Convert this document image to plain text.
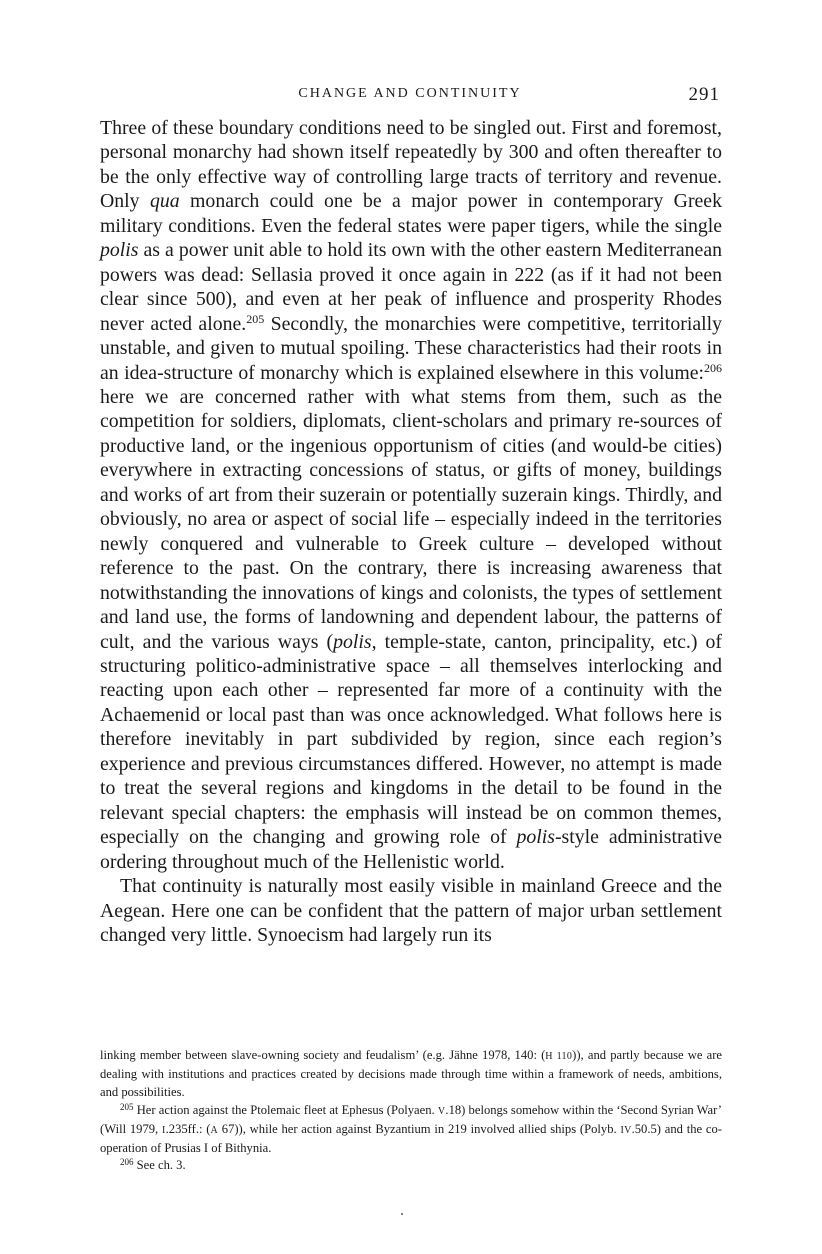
CHANGE AND CONTINUITY	291

Three of these boundary conditions need to be singled out. First and foremost, personal monarchy had shown itself repeatedly by 300 and often thereafter to be the only effective way of controlling large tracts of territory and revenue. Only qua monarch could one be a major power in contemporary Greek military conditions. Even the federal states were paper tigers, while the single polis as a power unit able to hold its own with the other eastern Mediterranean powers was dead: Sellasia proved it once again in 222 (as if it had not been clear since 500), and even at her peak of influence and prosperity Rhodes never acted alone.$^{205}$ Secondly, the monarchies were competitive, territorially unstable, and given to mutual spoiling. These characteristics had their roots in an idea-structure of monarchy which is explained elsewhere in this volume:$^{206}$ here we are concerned rather with what stems from them, such as the competition for soldiers, diplomats, client-scholars and primary re-sources of productive land, or the ingenious opportunism of cities (and would-be cities) everywhere in extracting concessions of status, or gifts of money, buildings and works of art from their suzerain or potentially suzerain kings. Thirdly, and obviously, no area or aspect of social life – especially indeed in the territories newly conquered and vulnerable to Greek culture – developed without reference to the past. On the contrary, there is increasing awareness that notwithstanding the innovations of kings and colonists, the types of settlement and land use, the forms of landowning and dependent labour, the patterns of cult, and the various ways (polis, temple-state, canton, principality, etc.) of structuring politico-administrative space – all themselves interlocking and reacting upon each other – represented far more of a continuity with the Achaemenid or local past than was once acknowledged. What follows here is therefore inevitably in part subdivided by region, since each region’s experience and previous circumstances differed. However, no attempt is made to treat the several regions and kingdoms in the detail to be found in the relevant special chapters: the emphasis will instead be on common themes, especially on the changing and growing role of polis-style administrative ordering throughout much of the Hellenistic world.

That continuity is naturally most easily visible in mainland Greece and the Aegean. Here one can be confident that the pattern of major urban settlement changed very little. Synoecism had largely run its

linking member between slave-owning society and feudalism’ (e.g. Jähne 1978, 140: (H 110)), and partly because we are dealing with institutions and practices created by decisions made through time within a framework of needs, ambitions, and possibilities.

$^{205}$ Her action against the Ptolemaic fleet at Ephesus (Polyaen. V.18) belongs somehow within the ‘Second Syrian War’ (Will 1979, I.235ff.: (A 67)), while her action against Byzantium in 219 involved allied ships (Polyb. IV.50.5) and the co-operation of Prusias I of Bithynia.

$^{206}$ See ch. 3.
